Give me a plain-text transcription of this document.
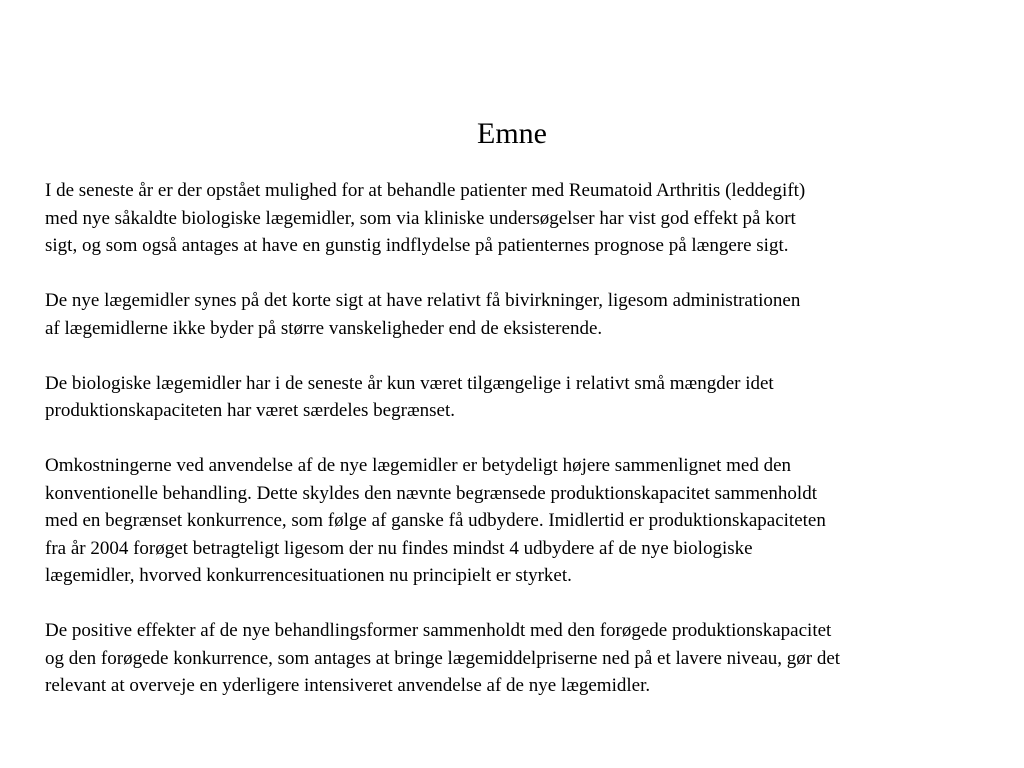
Emne

I de seneste år er der opstået mulighed for at behandle patienter med Reumatoid Arthritis (leddegift)
med nye såkaldte biologiske lægemidler, som via kliniske undersøgelser har vist god effekt på kort
sigt, og som også antages at have en gunstig indflydelse på patienternes prognose på længere sigt.

De nye lægemidler synes på det korte sigt at have relativt få bivirkninger, ligesom administrationen
af lægemidlerne ikke byder på større vanskeligheder end de eksisterende.

De biologiske lægemidler har i de seneste år kun været tilgængelige i relativt små mængder idet
produktionskapaciteten har været særdeles begrænset.

Omkostningerne ved anvendelse af de nye lægemidler er betydeligt højere sammenlignet med den
konventionelle behandling. Dette skyldes den nævnte begrænsede produktionskapacitet sammenholdt
med en begrænset konkurrence, som følge af ganske få udbydere. Imidlertid er produktionskapaciteten
fra år 2004 forøget betragteligt ligesom der nu findes mindst 4 udbydere af de nye biologiske
lægemidler, hvorved konkurrencesituationen nu principielt er styrket.

De positive effekter af de nye behandlingsformer sammenholdt med den forøgede produktionskapacitet
og den forøgede konkurrence, som antages at bringe lægemiddelpriserne ned på et lavere niveau, gør det
relevant at overveje en yderligere intensiveret anvendelse af de nye lægemidler.
